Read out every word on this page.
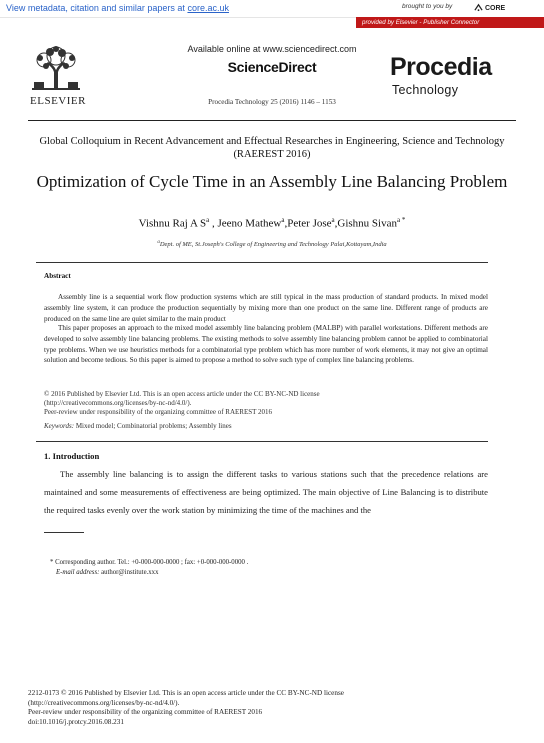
View metadata, citation and similar papers at core.ac.uk	brought to you by	CORE
provided by Elsevier - Publisher Connector
ELSEVIER
Available online at www.sciencedirect.com
ScienceDirect
Procedia Technology 25 (2016) 1146 – 1153
Procedia
Technology
Global Colloquium in Recent Advancement and Effectual Researches in Engineering, Science and Technology (RAEREST 2016)
Optimization of Cycle Time in an Assembly Line Balancing Problem
Vishnu Raj A $S^a$ , Jeeno Mathew$^a$,Peter Jose$^a$,Gishnu Sivan$^{a *}$
$^a$Dept. of ME, St.Joseph's College of Engineering and Technology Palai,Kottayam,India
Abstract
Assembly line is a sequential work flow production systems which are still typical in the mass production of standard products. In mixed model assembly line system, it can produce the production sequentially by mixing more than one product on the same line. Different range of products are produced on the same line are quiet similar to the main product
This paper proposes an approach to the mixed model assembly line balancing problem (MALBP) with parallel workstations. Different methods are developed to solve assembly line balancing problems. The existing methods to solve assembly line balancing problem cannot be applied to combinatorial type problems. When we use heuristics methods for a combinatorial type problem which has more number of work elements, it may not give an optimal solution and become tedious. So this paper is aimed to propose a method to solve such type of complex line balancing problems.
© 2016 Published by Elsevier Ltd. This is an open access article under the CC BY-NC-ND license
(http://creativecommons.org/licenses/by-nc-nd/4.0/).
Peer-review under responsibility of the organizing committee of RAEREST 2016
Keywords: Mixed model; Combinatorial problems; Assembly lines
1. Introduction
The assembly line balancing is to assign the different tasks to various stations such that the precedence relations are maintained and some measurements of effectiveness are being optimized. The main objective of Line Balancing is to distribute the required tasks evenly over the work station by minimizing the time of the machines and the
* Corresponding author. Tel.: +0-000-000-0000 ; fax: +0-000-000-0000 .
E-mail address: author@institute.xxx
2212-0173 © 2016 Published by Elsevier Ltd. This is an open access article under the CC BY-NC-ND license
(http://creativecommons.org/licenses/by-nc-nd/4.0/).
Peer-review under responsibility of the organizing committee of RAEREST 2016
doi:10.1016/j.protcy.2016.08.231
